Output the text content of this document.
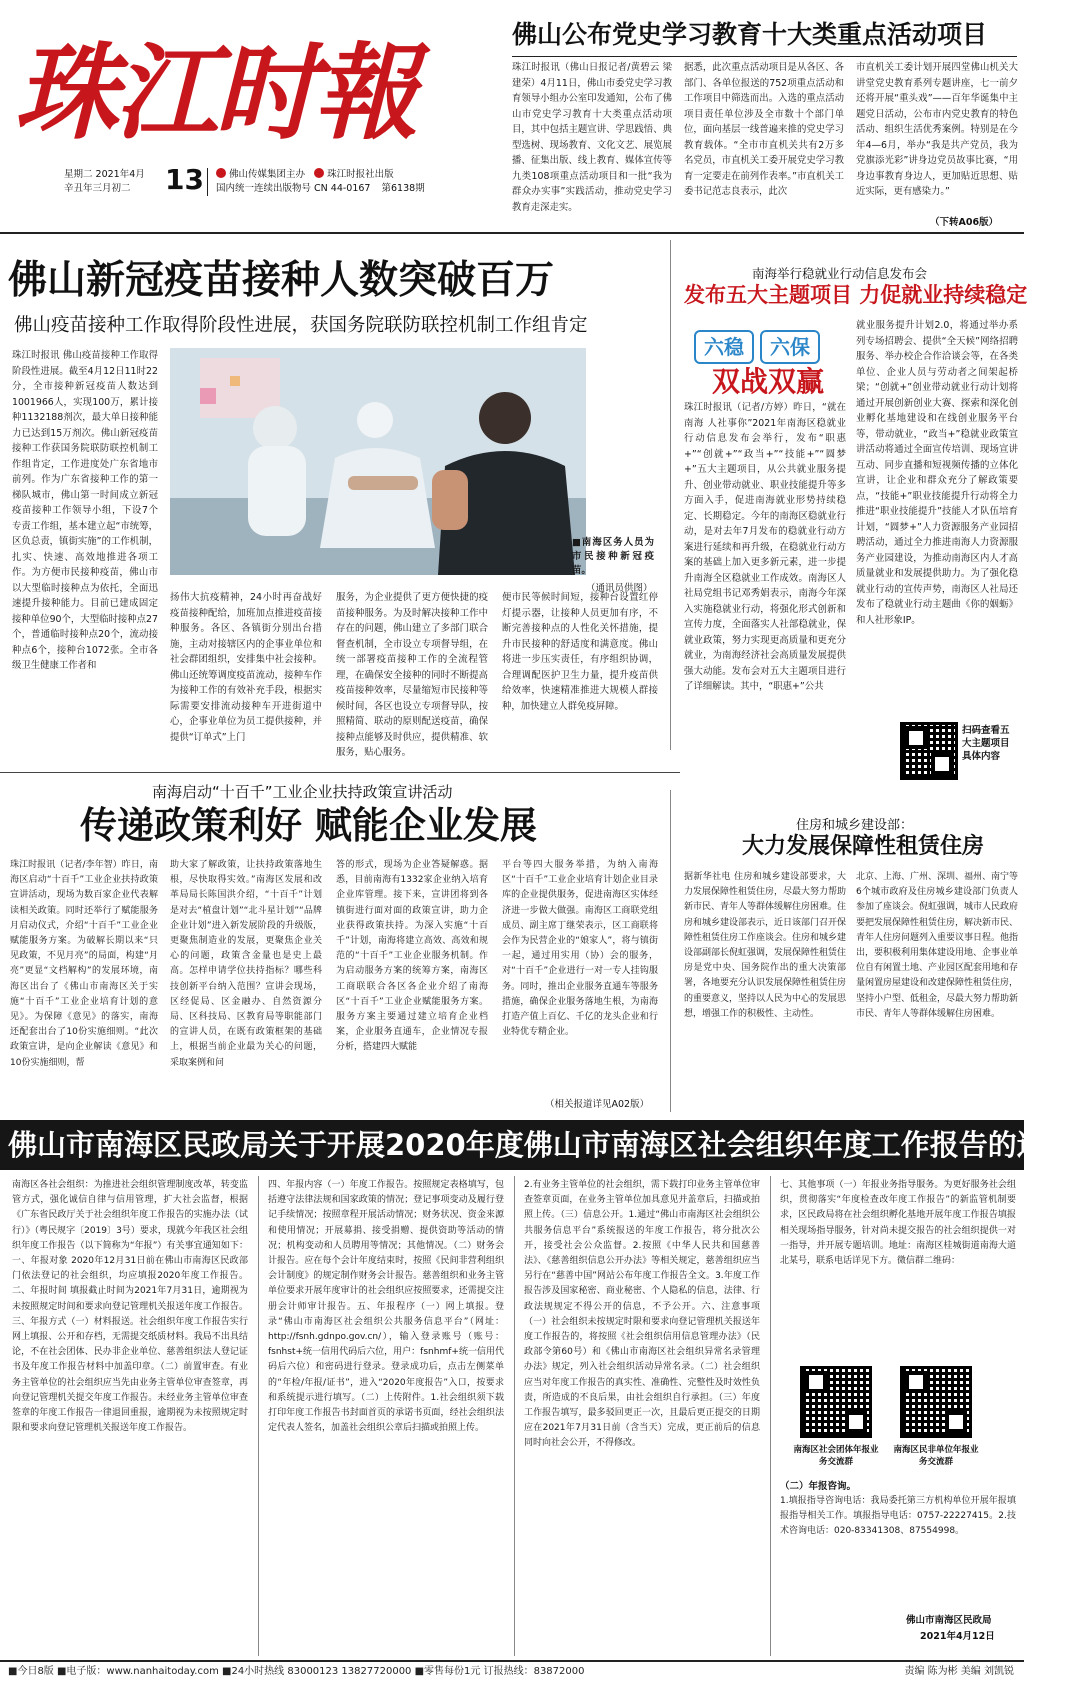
珠江时報
星期二 2021年4月
辛丑年三月初二	13	佛山传媒集团主办 珠江时报社出版
国内统一连续出版物号 CN 44-0167 第6138期
佛山公布党史学习教育十大类重点活动项目
珠江时报讯（佛山日报记者/黄碧云 梁建荣）4月11日，佛山市委党史学习教育领导小组办公室印发通知，公布了佛山市党史学习教育十大类重点活动项目，其中包括主题宣讲、学思践悟、典型选树、现场教育、文化文艺、展览展播、征集出版、线上教育、媒体宣传等九类108项重点活动项目和一批“我为群众办实事”实践活动，推动党史学习教育走深走实。
据悉，此次重点活动项目是从各区、各部门、各单位报送的752项重点活动和工作项目中筛选而出。入选的重点活动项目责任单位涉及全市数十个部门单位，面向基层一线普遍来推的党史学习教育载体。“全市市直机关共有2万多名党员，市直机关工委开展党史学习教育一定要走在前列作表率。”市直机关工委书记范志良表示，此次
市直机关工委计划开展四堂佛山机关大讲堂党史教育系列专题讲座，七一前夕还将开展“重头戏”——百年华诞集中主题党日活动，公布市内党史教育的特色活动、组织生活优秀案例。特别是在今年4—6月，举办“我是共产党员，我为党旗添光彩”讲身边党员故事比赛，“用身边事教育身边人，更加贴近思想、贴近实际，更有感染力。”
（下转A06版）
佛山新冠疫苗接种人数突破百万
佛山疫苗接种工作取得阶段性进展，获国务院联防联控机制工作组肯定
珠江时报讯 佛山疫苗接种工作取得阶段性进展。截至4月12日11时22分，全市接种新冠疫苗人数达到1001966人，实现100万，累计接种1132188剂次，最大单日接种能力已达到15万剂次。佛山新冠疫苗接种工作获国务院联防联控机制工作组肯定，工作进度处广东省地市前列。作为广东省接种工作的第一梯队城市，佛山第一时间成立新冠疫苗接种工作领导小组，下设7个专责工作组，基本建立起“市统筹，区负总责，镇街实施”的工作机制，扎实、快速、高效地推进各项工作。为方便市民接种疫苗，佛山市以大型临时接种点为依托，全面迅速提升接种能力。目前已建成固定接种单位90个，大型临时接种点27个，普通临时接种点20个，流动接种点6个，接种台1072张。全市各级卫生健康工作者和
■南海区务人员为市民接种新冠疫苗。
（通讯员供图）
扬伟大抗疫精神，24小时再奋战好疫苗接种配给，加班加点推进疫苗接种服务。各区、各镇街分别出台措施，主动对接辖区内的企事业单位和社会群团组织，安排集中社会接种。佛山还统筹调度疫苗流动，接种车作为接种工作的有效补充手段，根据实际需要安排流动接种车开进街道中心，企事业单位为员工提供接种，并提供“订单式”上门
服务，为企业提供了更方便快捷的疫苗接种服务。为及时解决接种工作中存在的问题，佛山建立了多部门联合督查机制，全市设立专项督导组，在统一部署疫苗接种工作的全流程管理，在确保安全接种的同时不断提高疫苗接种效率，尽量缩短市民接种等候时间，各区也设立专项督导队，按照精简、联动的原则配送疫苗，确保接种点能够及时供应，提供精准、软服务，贴心服务。
便市民等候时间短，接种台设置红停灯提示器，让接种人员更加有序，不断完善接种点的人性化关怀措施，提升市民接种的舒适度和满意度。佛山将进一步压实责任，有序组织协调，合理调配医护卫生力量，提升疫苗供给效率，快速精准推进大规模人群接种，加快建立人群免疫屏障。
南海举行稳就业行动信息发布会
发布五大主题项目 力促就业持续稳定
六稳	六保
双战双赢
珠江时报讯（记者/方婷）昨日，“就在南海 人社事你”2021年南海区稳就业行动信息发布会举行，发布“职惠+”“创就+”“政当+”“技能+”“圆梦+”五大主题项目，从公共就业服务提升、创业带动就业、职业技能提升等多方面入手，促进南海就业形势持续稳定、长期稳定。今年的南海区稳就业行动，是对去年7月发布的稳就业行动方案进行延续和再升级，在稳就业行动方案的基础上加入更多新元素，进一步提升南海全区稳就业工作成效。南海区人社局党组书记邓秀娟表示，南海今年深入实施稳就业行动，将强化形式创新和宣传力度，全面落实人社部稳就业，保就业政策，努力实现更高质量和更充分就业，为南海经济社会高质量发展提供强大动能。发布会对五大主题项目进行了详细解读。其中，“职惠+”公共
就业服务提升计划2.0，将通过举办系列专场招聘会、提供“全天候”网络招聘服务、举办校企合作洽谈会等，在各类单位、企业人员与劳动者之间架起桥梁；“创就+”创业带动就业行动计划将通过开展创新创业大赛、探索和深化创业孵化基地建设和在线创业服务平台等，带动就业，“政当+”稳就业政策宣讲活动将通过全面宣传培训、现场宣讲互动、同步直播和短视频传播的立体化宣讲，让企业和群众充分了解政策要点，“技能+”职业技能提升行动将全力推进“职业技能提升”技能人才队伍培育计划，“圆梦+”人力资源服务产业园招聘活动，通过全力推进南海人力资源服务产业园建设，为推动南海区内人才高质量就业和发展提供助力。为了强化稳就业行动的宣传声势，南海区人社局还发布了稳就业行动主题曲《你的姻蛎》和人社形象IP。
扫码查看五大主题项目具体内容
南海启动“十百千”工业企业扶持政策宣讲活动
传递政策利好 赋能企业发展
珠江时报讯（记者/李年智）昨日，南海区启动“十百千”工业企业扶持政策宣讲活动，现场为数百家企业代表解读相关政策。同时还举行了赋能服务月启动仪式，介绍“十百千”工业企业赋能服务方案。为破解长期以来“只见政策，不见月亮”的局面，构建“月亮”更显“文档解构”的发展环境，南海区出台了《佛山市南海区关于实施“十百千”工业企业培育计划的意见》。为保障《意见》的落实，南海还配套出台了10份实施细则。“此次政策宣讲，是向企业解读《意见》和10份实施细则，帮
助大家了解政策，让扶持政策落地生根，尽快取得实效。”南海区发展和改革局局长陈国洪介绍，“十百千”计划是对去“植盘计划”“北斗星计划”“品牌企业计划”进入新发展阶段的升级版，更聚焦制造业的发展，更聚焦企业关心的问题，政策含金量也是史上最高。怎样申请学位扶持指标？哪些科技创新平台纳入范围？宣讲会现场，区经促局、区金融办、自然资源分局、区科技局、区教育局等职能部门的宣讲人员，在既有政策框架的基础上，根据当前企业最为关心的问题，采取案例和问
答的形式，现场为企业答疑解惑。据悉，目前南海有1332家企业纳入培育企业库管理。接下来，宣讲团将到各镇街进行面对面的政策宣讲，助力企业获得政策扶持。为深入实施“十百千”计划，南海将建立高效、高效和规范的“十百千”工业企业服务机制。作为启动服务方案的统筹方案，南海区工商联联合各区各企业介绍了南海区“十百千”工业企业赋能服务方案。服务方案主要通过建立培育企业档案，企业服务直通车，企业情况专报分析，搭建四大赋能
平台等四大服务举措，为纳入南海区“十百千”工业企业培育计划企业目录库的企业提供服务，促进南海区实体经济进一步做大做强。南海区工商联党组成员、副主席丁继荣表示，区工商联将会作为民营企业的“娘家人”，将与镇街一起，通过用实用（协）会的服务，对“十百千”企业进行一对一专人挂钩服务。同时，推出企业服务直通车等服务措施，确保企业服务落地生根，为南海打造产值上百亿、千亿的龙头企业和行业特优专精企业。
（相关报道详见A02版）
住房和城乡建设部：
大力发展保障性租赁住房
据新华社电 住房和城乡建设部要求，大力发展保障性租赁住房，尽最大努力帮助新市民、青年人等群体缓解住房困难。住房和城乡建设部表示，近日该部门召开保障性租赁住房工作座谈会。住房和城乡建设部副部长倪虹强调，发展保障性租赁住房是党中央、国务院作出的重大决策部署，各地要充分认识发展保障性租赁住房的重要意义，坚持以人民为中心的发展思想，增强工作的积极性、主动性。
北京、上海、广州、深圳、福州、南宁等6个城市政府及住房城乡建设部门负责人参加了座谈会。倪虹强调，城市人民政府要把发展保障性租赁住房，解决新市民、青年人住房问题列入重要议事日程。他指出，要积极利用集体建设用地、企事业单位自有闲置土地、产业园区配套用地和存量闲置房屋建设和改建保障性租赁住房，坚持小户型、低租金，尽最大努力帮助新市民、青年人等群体缓解住房困难。
佛山市南海区民政局关于开展2020年度佛山市南海区社会组织年度工作报告的通知
南海区各社会组织：为推进社会组织管理制度改革，转变监管方式，强化诚信自律与信用管理，扩大社会监督，根据《广东省民政厅关于社会组织年度工作报告的实施办法（试行）》（粤民规字〔2019〕3号）要求，现就今年我区社会组织年度工作报告（以下简称为“年报”）有关事宜通知如下：一、年报对象 2020年12月31日前在佛山市南海区民政部门依法登记的社会组织，均应填报2020年度工作报告。二、年报时间 填报截止时间为2021年7月31日，逾期视为未按照规定时间和要求向登记管理机关报送年度工作报告。三、年报方式（一）材料报送。社会组织年度工作报告实行网上填报、公开和存档，无需提交纸质材料。我局不出具结论，不在社会团体、民办非企业单位、慈善组织法人登记证书及年度工作报告材料中加盖印章。（二）前置审查。有业务主管单位的社会组织应当先由业务主管单位审查签章，再向登记管理机关提交年度工作报告。未经业务主管单位审查签章的年度工作报告一律退回重报，逾期视为未按照规定时限和要求向登记管理机关报送年度工作报告。
四、年报内容（一）年度工作报告。按照规定表格填写，包括遵守法律法规和国家政策的情况；登记事项变动及履行登记手续情况；按照章程开展活动情况；财务状况、资金来源和使用情况；开展募捐、接受捐赠、提供资助等活动的情况；机构变动和人员聘用等情况；其他情况。（二）财务会计报告。应在每个会计年度结束时，按照《民间非营利组织会计制度》的规定制作财务会计报告。慈善组织和业务主管单位要求开展年度审计的社会组织应按照要求，还需提交注册会计师审计报告。五、年报程序（一）网上填报。登录“佛山市南海区社会组织公共服务信息平台”（网址：http://fsnh.gdnpo.gov.cn/），输入登录账号（账号：fsnhst+统一信用代码后六位，用户：fsnhmf+统一信用代码后六位）和密码进行登录。登录成功后，点击左侧菜单的“年检/年报/证书”，进入“2020年度报告”入口，按要求和系统提示进行填写。（二）上传附件。1.社会组织须下载打印年度工作报告书封面首页的承诺书页面，经社会组织法定代表人签名，加盖社会组织公章后扫描或拍照上传。
2.有业务主管单位的社会组织，需下载打印业务主管单位审查签章页面，在业务主管单位加具意见并盖章后，扫描或拍照上传。（三）信息公开。1.通过“佛山市南海区社会组织公共服务信息平台”系统报送的年度工作报告，将分批次公开，接受社会公众监督。2.按照《中华人民共和国慈善法》、《慈善组织信息公开办法》等相关规定，慈善组织应当另行在“慈善中国”网站公布年度工作报告全文。3.年度工作报告涉及国家秘密、商业秘密、个人隐私的信息，法律、行政法规规定不得公开的信息，不予公开。六、注意事项（一）社会组织未按规定时限和要求向登记管理机关报送年度工作报告的，将按照《社会组织信用信息管理办法》（民政部令第60号）和《佛山市南海区社会组织异常名录管理办法》规定，列入社会组织活动异常名录。（二）社会组织应当对年度工作报告的真实性、准确性、完整性及时效性负责，所造成的不良后果，由社会组织自行承担。（三）年度工作报告填写，最多驳回更正一次，且最后更正提交的日期应在2021年7月31日前（含当天）完成，更正前后的信息同时向社会公开，不得修改。
七、其他事项（一）年报业务指导服务。为更好服务社会组织，贯彻落实“年度检查改年度工作报告”的新监管机制要求，区民政局将在社会组织孵化基地开展年度工作报告填报相关现场指导服务，针对尚未提交报告的社会组织提供一对一指导，并开展专题培训。地址：南海区桂城街道南海大道北某号，联系电话详见下方。微信群二维码：
南海区社会团体年报业务交流群
南海区民非单位年报业务交流群
（二）年报咨询。
1.填报指导咨询电话：我局委托第三方机构单位开展年报填报指导相关工作。填报指导电话：0757-22227415。2.技术咨询电话：020-83341308、87554998。
佛山市南海区民政局
2021年4月12日
■今日8版 ■电子版：www.nanhaitoday.com ■24小时热线 83000123 13827720000 ■零售每份1元 订报热线：83872000	责编 陈为彬 美编 刘凯锐
